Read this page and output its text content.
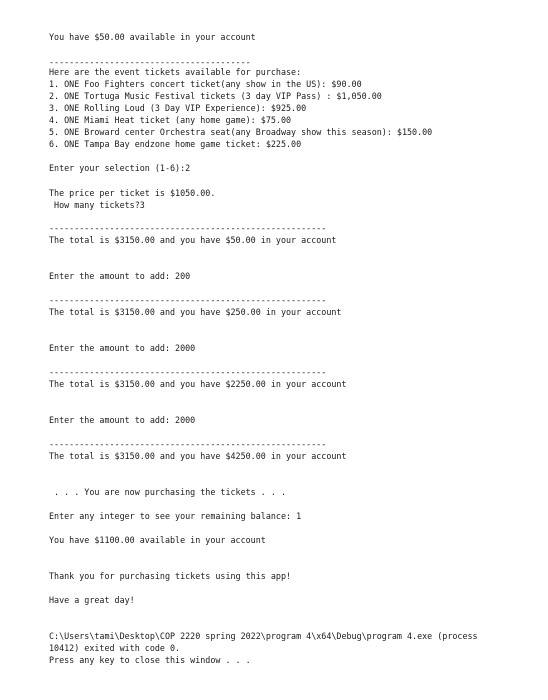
You have $50.00 available in your account
----------------------------------------
Here are the event tickets available for purchase:
1. ONE Foo Fighters concert ticket(any show in the US): $90.00
2. ONE Tortuga Music Festival tickets (3 day VIP Pass) : $1,050.00
3. ONE Rolling Loud (3 Day VIP Experience): $925.00
4. ONE Miami Heat ticket (any home game): $75.00
5. ONE Broward center Orchestra seat(any Broadway show this season): $150.00
6. ONE Tampa Bay endzone home game ticket: $225.00
Enter your selection (1-6):2
The price per ticket is $1050.00.
How many tickets?3
-------------------------------------------------------
The total is $3150.00 and you have $50.00 in your account
Enter the amount to add: 200
-------------------------------------------------------
The total is $3150.00 and you have $250.00 in your account
Enter the amount to add: 2000
-------------------------------------------------------
The total is $3150.00 and you have $2250.00 in your account
Enter the amount to add: 2000
-------------------------------------------------------
The total is $3150.00 and you have $4250.00 in your account
. . . You are now purchasing the tickets . . .
Enter any integer to see your remaining balance: 1
You have $1100.00 available in your account
Thank you for purchasing tickets using this app!
Have a great day!
C:\Users\tami\Desktop\COP 2220 spring 2022\program 4\x64\Debug\program 4.exe (process
10412) exited with code 0.
Press any key to close this window . . .
